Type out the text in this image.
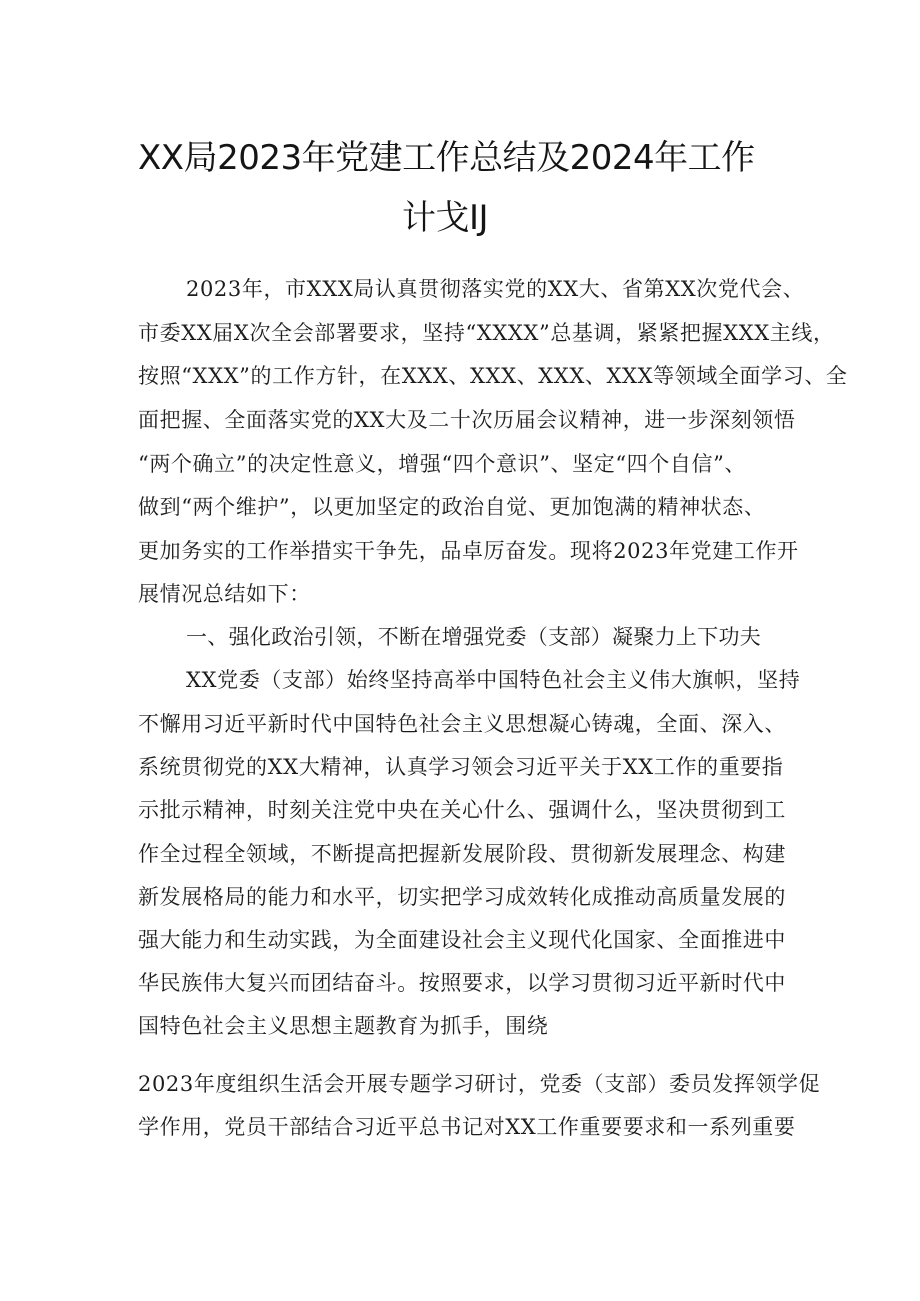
XX局2023年党建工作总结及2024年工作
计戈IJ
2023年，市XXX局认真贯彻落实党的XX大、省第XX次党代会、
市委XX届X次全会部署要求，坚持“XXXX”总基调，紧紧把握XXX主线，
按照“XXX”的工作方针，在XXX、XXX、XXX、XXX等领域全面学习、全
面把握、全面落实党的XX大及二十次历届会议精神，进一步深刻领悟
“两个确立”的决定性意义，增强“四个意识”、坚定“四个自信”、
做到“两个维护”，以更加坚定的政治自觉、更加饱满的精神状态、
更加务实的工作举措实干争先，品卓厉奋发。现将2023年党建工作开
展情况总结如下：
一、强化政治引领，不断在增强党委（支部）凝聚力上下功夫
XX党委（支部）始终坚持高举中国特色社会主义伟大旗帜，坚持
不懈用习近平新时代中国特色社会主义思想凝心铸魂，全面、深入、
系统贯彻党的XX大精神，认真学习领会习近平关于XX工作的重要指
示批示精神，时刻关注党中央在关心什么、强调什么，坚决贯彻到工
作全过程全领域，不断提高把握新发展阶段、贯彻新发展理念、构建
新发展格局的能力和水平，切实把学习成效转化成推动高质量发展的
强大能力和生动实践，为全面建设社会主义现代化国家、全面推进中
华民族伟大复兴而团结奋斗。按照要求，以学习贯彻习近平新时代中
国特色社会主义思想主题教育为抓手，围绕
2023年度组织生活会开展专题学习研讨，党委（支部）委员发挥领学促
学作用，党员干部结合习近平总书记对XX工作重要要求和一系列重要
